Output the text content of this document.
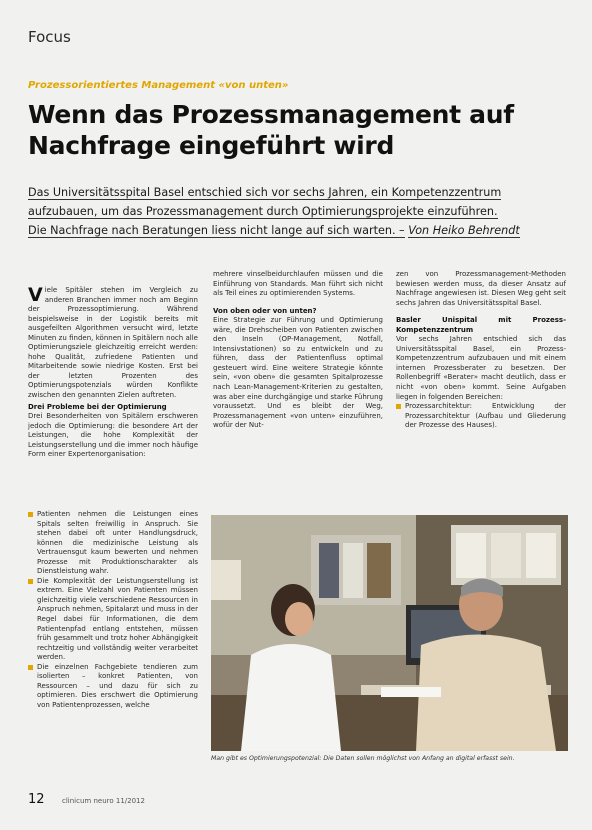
Focus
Prozessorientiertes Management «von unten»
Wenn das Prozessmanagement auf Nachfrage eingeführt wird
Das Universitätsspital Basel entschied sich vor sechs Jahren, ein Kompetenzzentrum
aufzubauen, um das Prozessmanagement durch Optimierungsprojekte einzuführen.
Die Nachfrage nach Beratungen liess nicht lange auf sich warten. – Von Heiko Behrendt

Viele Spitäler stehen im Vergleich zu anderen Branchen immer noch am Beginn der Prozessoptimierung. Während beispielsweise in der Logistik bereits mit ausgefeilten Algorithmen versucht wird, letzte Minuten zu finden, können in Spitälern noch alle Optimierungsziele gleichzeitig erreicht werden: hohe Qualität, zufriedene Patienten und Mitarbeitende sowie niedrige Kosten. Erst bei der letzten Prozenten des Optimierungspotenzials würden Konflikte zwischen den genannten Zielen auftreten.

Drei Probleme bei der Optimierung

Drei Besonderheiten von Spitälern erschweren jedoch die Optimierung: die besondere Art der Leistungen, die hohe Komplexität der Leistungserstellung und die immer noch häufige Form einer Expertenorganisation:

Patienten nehmen die Leistungen eines Spitals selten freiwillig in Anspruch. Sie stehen dabei oft unter Handlungsdruck, können die medizinische Leistung als Vertrauensgut kaum bewerten und nehmen Prozesse mit Produktionscharakter als Dienstleistung wahr.
Die Komplexität der Leistungserstellung ist extrem. Eine Vielzahl von Patienten müssen gleichzeitig viele verschiedene Ressourcen in Anspruch nehmen, Spitalarzt und muss in der Regel dabei für Informationen, die dem Patientenpfad entlang entstehen, müssen früh gesammelt und trotz hoher Abhängigkeit rechtzeitig und vollständig weiter verarbeitet werden.
Die einzelnen Fachgebiete tendieren zum isolierten – konkret Patienten, von Ressourcen – und dazu für sich zu optimieren. Dies erschwert die Optimierung von Patientenprozessen, welche

mehrere vinselbeidurchlaufen müssen und die Einführung von Standards. Man führt sich nicht als Teil eines zu optimierenden Systems.

Von oben oder von unten?

Eine Strategie zur Führung und Optimierung wäre, die Drehscheiben von Patienten zwischen den Inseln (OP-Management, Notfall, Intensivstationen) so zu entwickeln und zu führen, dass der Patientenfluss optimal gesteuert wird. Eine weitere Strategie könnte sein, «von oben» die gesamten Spitalprozesse nach Lean-Management-Kriterien zu gestalten, was aber eine durchgängige und starke Führung voraussetzt. Und es bleibt der Weg, Prozessmanagement «von unten» einzuführen, wofür der Nut-

zen von Prozessmanagement-Methoden bewiesen werden muss, da dieser Ansatz auf Nachfrage angewiesen ist. Diesen Weg geht seit sechs Jahren das Universitätsspital Basel.

Basler Unispital mit Prozess-Kompetenzzentrum

Vor sechs Jahren entschied sich das Universitätsspital Basel, ein Prozess-Kompetenzzentrum aufzubauen und mit einem internen Prozessberater zu besetzen. Der Rollenbegriff «Berater» macht deutlich, dass er nicht «von oben» kommt. Seine Aufgaben liegen in folgenden Bereichen:

Prozessarchitektur: Entwicklung der Prozessarchitektur (Aufbau und Gliederung der Prozesse des Hauses).
Man gibt es Optimierungspotenzial: Die Daten sollen möglichst von Anfang an digital erfasst sein.
12 clinicum neuro 11/2012
